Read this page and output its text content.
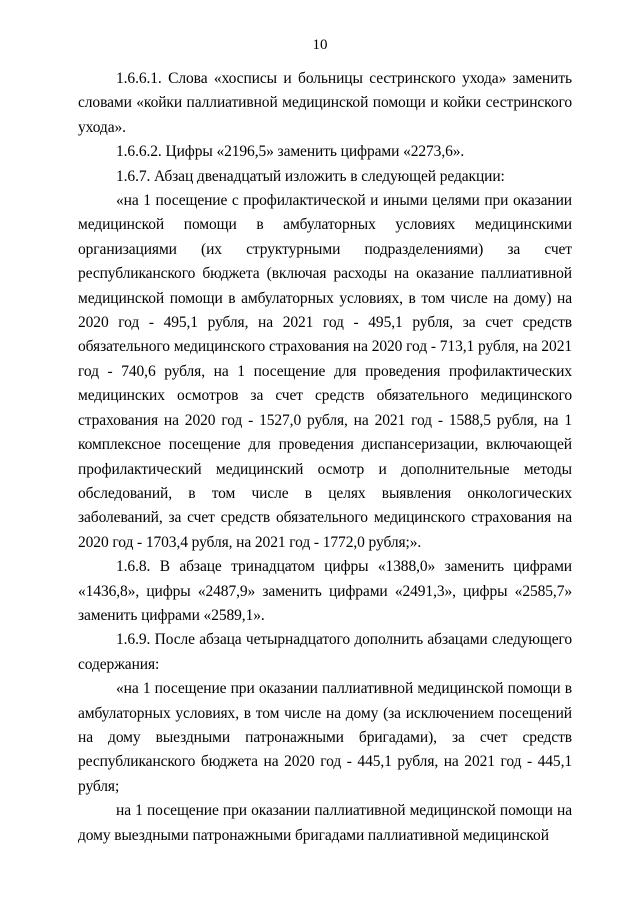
10

1.6.6.1. Слова «хосписы и больницы сестринского ухода» заменить словами «койки паллиативной медицинской помощи и койки сестринского ухода».

1.6.6.2. Цифры «2196,5» заменить цифрами «2273,6».

1.6.7. Абзац двенадцатый изложить в следующей редакции:

«на 1 посещение с профилактической и иными целями при оказании медицинской помощи в амбулаторных условиях медицинскими организациями (их структурными подразделениями) за счет республиканского бюджета (включая расходы на оказание паллиативной медицинской помощи в амбулаторных условиях, в том числе на дому) на 2020 год - 495,1 рубля, на 2021 год - 495,1 рубля, за счет средств обязательного медицинского страхования на 2020 год - 713,1 рубля, на 2021 год - 740,6 рубля, на 1 посещение для проведения профилактических медицинских осмотров за счет средств обязательного медицинского страхования на 2020 год - 1527,0 рубля, на 2021 год - 1588,5 рубля, на 1 комплексное посещение для проведения диспансеризации, включающей профилактический медицинский осмотр и дополнительные методы обследований, в том числе в целях выявления онкологических заболеваний, за счет средств обязательного медицинского страхования на 2020 год - 1703,4 рубля, на 2021 год - 1772,0 рубля;».

1.6.8. В абзаце тринадцатом цифры «1388,0» заменить цифрами «1436,8», цифры «2487,9» заменить цифрами «2491,3», цифры «2585,7» заменить цифрами «2589,1».

1.6.9. После абзаца четырнадцатого дополнить абзацами следующего содержания:

«на 1 посещение при оказании паллиативной медицинской помощи в амбулаторных условиях, в том числе на дому (за исключением посещений на дому выездными патронажными бригадами), за счет средств республиканского бюджета на 2020 год - 445,1 рубля, на 2021 год - 445,1 рубля;

на 1 посещение при оказании паллиативной медицинской помощи на дому выездными патронажными бригадами паллиативной медицинской
